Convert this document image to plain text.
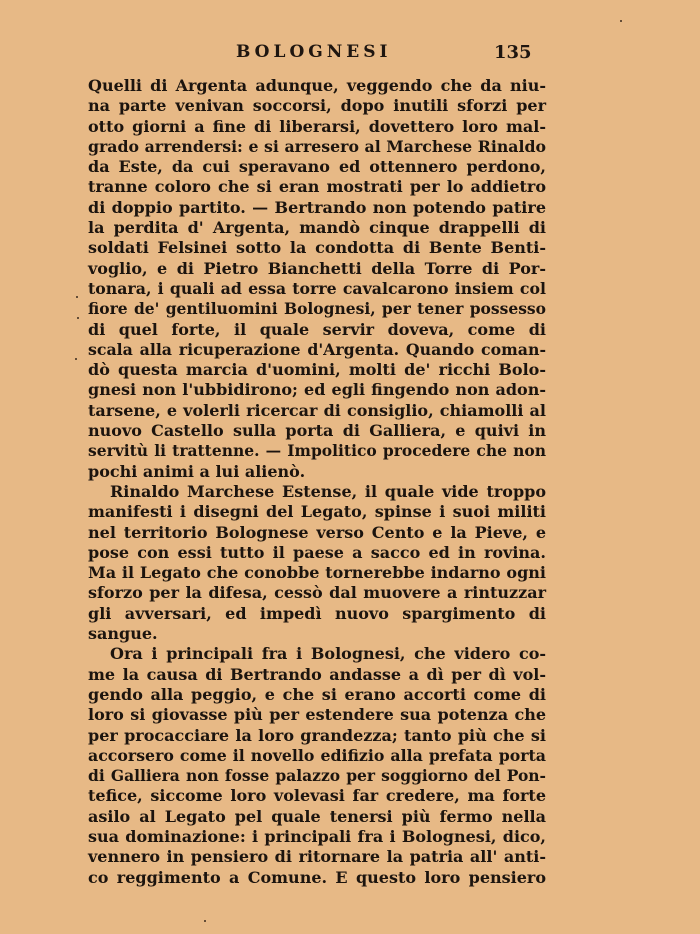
BOLOGNESI	135
Quelli di Argenta adunque, veggendo che da niu-
na parte venivan soccorsi, dopo inutili sforzi per
otto giorni a fine di liberarsi, dovettero loro mal-
grado arrendersi: e si arresero al Marchese Rinaldo
da Este, da cui speravano ed ottennero perdono,
tranne coloro che si eran mostrati per lo addietro
di doppio partito. — Bertrando non potendo patire
la perdita d' Argenta, mandò cinque drappelli di
soldati Felsinei sotto la condotta di Bente Benti-
voglio, e di Pietro Bianchetti della Torre di Por-
tonara, i quali ad essa torre cavalcarono insiem col
fiore de' gentiluomini Bolognesi, per tener possesso
di quel forte, il quale servir doveva, come di
scala alla ricuperazione d'Argenta. Quando coman-
dò questa marcia d'uomini, molti de' ricchi Bolo-
gnesi non l'ubbidirono; ed egli fingendo non adon-
tarsene, e volerli ricercar di consiglio, chiamolli al
nuovo Castello sulla porta di Galliera, e quivi in
servitù li trattenne. — Impolitico procedere che non
pochi animi a lui alienò.
Rinaldo Marchese Estense, il quale vide troppo
manifesti i disegni del Legato, spinse i suoi militi
nel territorio Bolognese verso Cento e la Pieve, e
pose con essi tutto il paese a sacco ed in rovina.
Ma il Legato che conobbe tornerebbe indarno ogni
sforzo per la difesa, cessò dal muovere a rintuzzar
gli avversari, ed impedì nuovo spargimento di
sangue.
Ora i principali fra i Bolognesi, che videro co-
me la causa di Bertrando andasse a dì per dì vol-
gendo alla peggio, e che si erano accorti come di
loro si giovasse più per estendere sua potenza che
per procacciare la loro grandezza; tanto più che si
accorsero come il novello edifizio alla prefata porta
di Galliera non fosse palazzo per soggiorno del Pon-
tefice, siccome loro volevasi far credere, ma forte
asilo al Legato pel quale tenersi più fermo nella
sua dominazione: i principali fra i Bolognesi, dico,
vennero in pensiero di ritornare la patria all' anti-
co reggimento a Comune. E questo loro pensiero
